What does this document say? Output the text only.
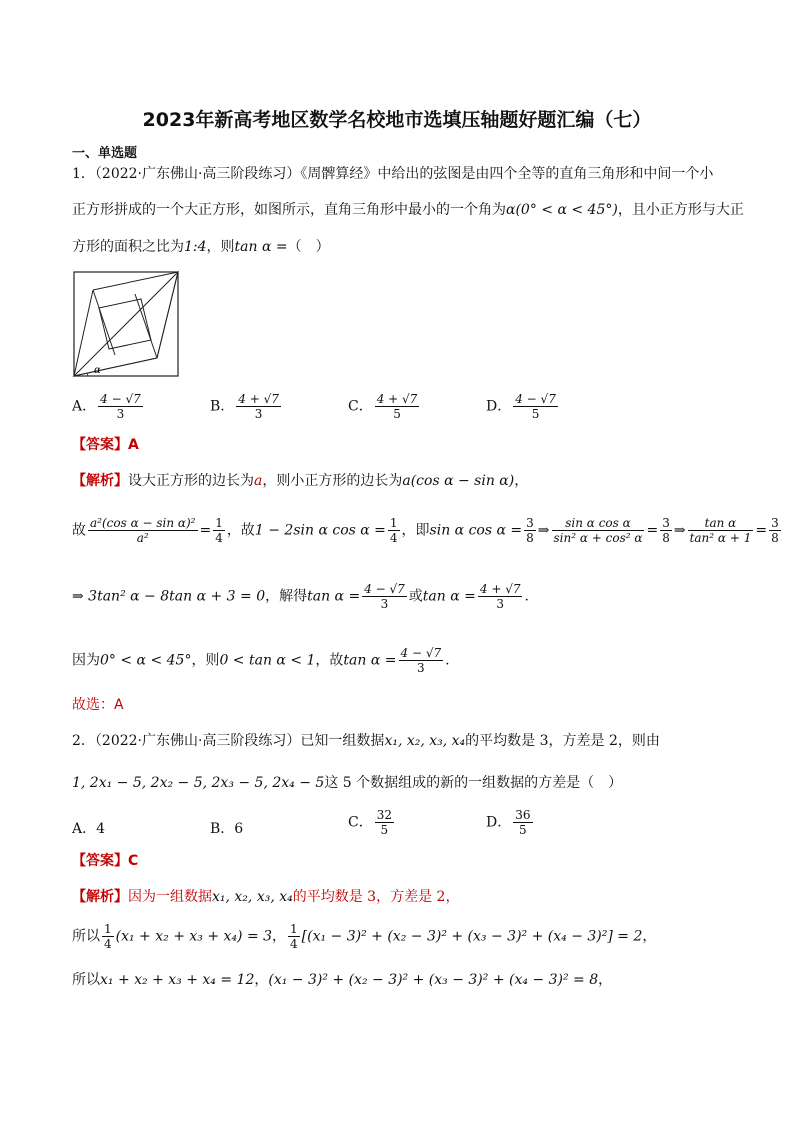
2023年新高考地区数学名校地市选填压轴题好题汇编（七）
一、单选题
1．（2022·广东佛山·高三阶段练习）《周髀算经》中给出的弦图是由四个全等的直角三角形和中间一个小
正方形拼成的一个大正方形，如图所示，直角三角形中最小的一个角为α(0° < α < 45°)，且小正方形与大正
方形的面积之比为1:4，则tan α =（　）
α
A． $\frac{4 - √7}{3}$	B． $\frac{4 + √7}{3}$	C． $\frac{4 + √7}{5}$	D． $\frac{4 - √7}{5}$
【答案】A
【解析】设大正方形的边长为a，则小正方形的边长为a(cos α − sin α)，
故 $\frac{\text{a²(cos α − sin α)²}}{\text{a²}} = \frac{1}{4}$ ，故1 − 2sin α $\cos \alpha = \frac{1}{4}$ ，即sin α $\cos \alpha = \frac{3}{8}$ ⇒ $\frac{\text{sin α cos α}}{\text{sin² α + cos² α}} = \frac{3}{8}$ ⇒ $\frac{\text{tan α}}{\text{tan² α + 1}} = \frac{3}{8}$
⇒ 3tan² α − 8tan α + 3 = 0，解得$\tan \alpha = \frac{4 - √7}{3}$ 或$\tan \alpha = \frac{4 + √7}{3}$ .
因为0° < α < 45°，则0 < tan α < 1，故$\tan \alpha = \frac{4 - √7}{3}$ .
故选：A
2．（2022·广东佛山·高三阶段练习）已知一组数据x₁, x₂, x₃, x₄的平均数是 3，方差是 2，则由
1, 2x₁ − 5, 2x₂ − 5, 2x₃ − 5, 2x₄ − 5这 5 个数据组成的新的一组数据的方差是（　）
A．4	B．6	C． $\frac{32}{5}$	D． $\frac{36}{5}$
【答案】C
【解析】因为一组数据x₁, x₂, x₃, x₄的平均数是 3，方差是 2，
所以 $\frac{1}{4} (x_1 + x_2 + x_3 + x_4) = 3$， $\frac{1}{4} [(x_1 - 3)^2 + (x_2 - 3)^2 + (x_3 - 3)^2 + (x_4 - 3)^2] = 2$，
所以x₁ + x₂ + x₃ + x₄ = 12，(x₁ − 3)² + (x₂ − 3)² + (x₃ − 3)² + (x₄ − 3)² = 8，
